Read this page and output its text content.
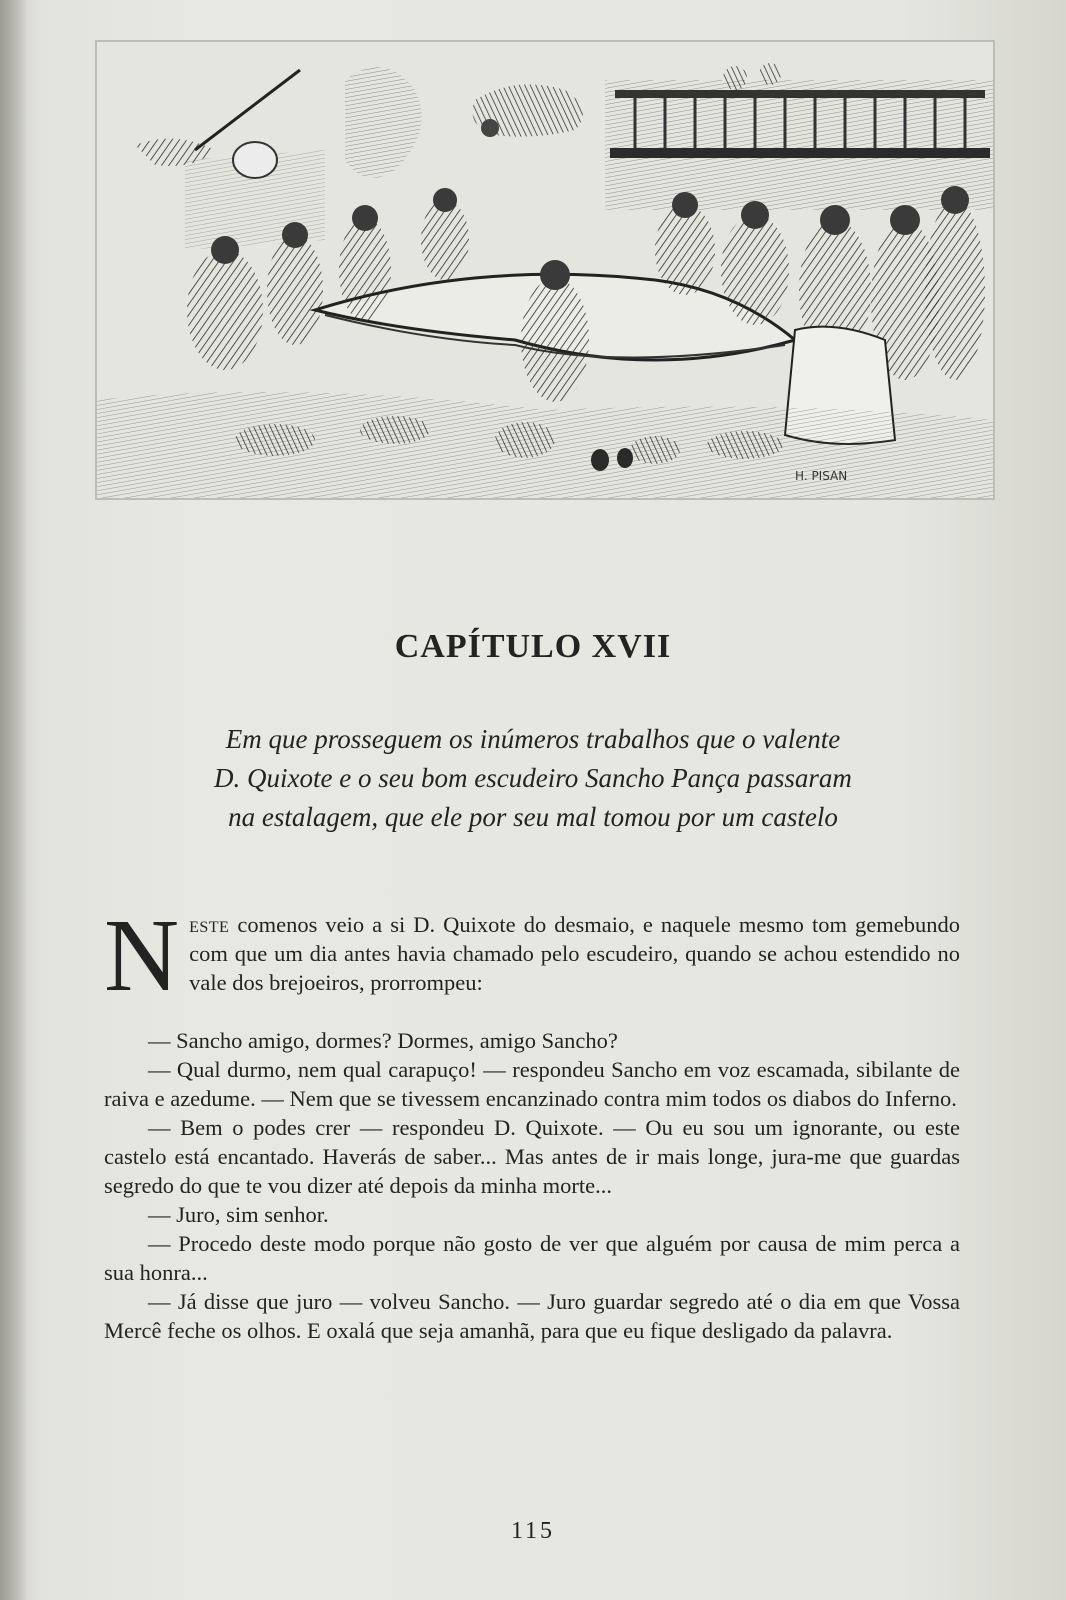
H. PISAN
CAPÍTULO XVII

Em que prosseguem os inúmeros trabalhos que o valente
D. Quixote e o seu bom escudeiro Sancho Pança passaram
na estalagem, que ele por seu mal tomou por um castelo

Neste comenos veio a si D. Quixote do desmaio, e naquele mesmo tom gemebundo com que um dia antes havia chamado pelo escudeiro, quando se achou estendido no vale dos brejoeiros, prorrompeu:

— Sancho amigo, dormes? Dormes, amigo Sancho?

— Qual durmo, nem qual carapuço! — respondeu Sancho em voz escamada, sibilante de raiva e azedume. — Nem que se tivessem encanzinado contra mim todos os diabos do Inferno.

— Bem o podes crer — respondeu D. Quixote. — Ou eu sou um ignorante, ou este castelo está encantado. Haverás de saber... Mas antes de ir mais longe, jura-me que guardas segredo do que te vou dizer até depois da minha morte...

— Juro, sim senhor.

— Procedo deste modo porque não gosto de ver que alguém por causa de mim perca a sua honra...

— Já disse que juro — volveu Sancho. — Juro guardar segredo até o dia em que Vossa Mercê feche os olhos. E oxalá que seja amanhã, para que eu fique desligado da palavra.

115
